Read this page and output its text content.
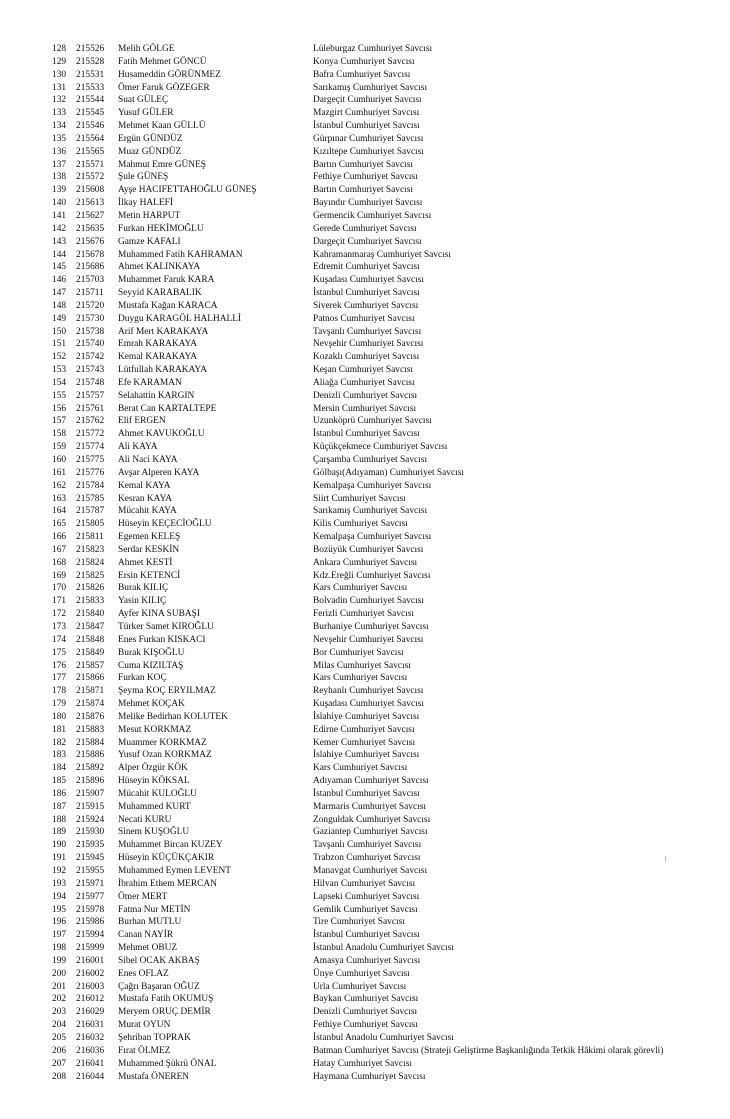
128	215526	Melih GÖLGE	Lüleburgaz Cumhuriyet Savcısı
129	215528	Fatih Mehmet GÖNCÜ	Konya Cumhuriyet Savcısı
130	215531	Husameddin GÖRÜNMEZ	Bafra Cumhuriyet Savcısı
131	215533	Ömer Faruk GÖZEGER	Sarıkamış Cumhuriyet Savcısı
132	215544	Suat GÜLEÇ	Dargeçit Cumhuriyet Savcısı
133	215545	Yusuf GÜLER	Mazgirt Cumhuriyet Savcısı
134	215546	Mehmet Kaan GÜLLÜ	İstanbul Cumhuriyet Savcısı
135	215564	Ergün GÜNDÜZ	Gürpınar Cumhuriyet Savcısı
136	215565	Muaz GÜNDÜZ	Kızıltepe Cumhuriyet Savcısı
137	215571	Mahmut Emre GÜNEŞ	Bartın Cumhuriyet Savcısı
138	215572	Şule GÜNEŞ	Fethiye Cumhuriyet Savcısı
139	215608	Ayşe HACIFETTAHOĞLU GÜNEŞ	Bartın Cumhuriyet Savcısı
140	215613	İlkay HALEFİ	Bayındır Cumhuriyet Savcısı
141	215627	Metin HARPUT	Germencik Cumhuriyet Savcısı
142	215635	Furkan HEKİMOĞLU	Gerede Cumhuriyet Savcısı
143	215676	Gamze KAFALI	Dargeçit Cumhuriyet Savcısı
144	215678	Muhammed Fatih KAHRAMAN	Kahramanmaraş Cumhuriyet Savcısı
145	215686	Ahmet KALINKAYA	Edremit Cumhuriyet Savcısı
146	215703	Muhammet Faruk KARA	Kuşadası Cumhuriyet Savcısı
147	215711	Seyyid KARABALIK	İstanbul Cumhuriyet Savcısı
148	215720	Mustafa Kağan KARACA	Siverek Cumhuriyet Savcısı
149	215730	Duygu KARAGÖL HALHALLİ	Patnos Cumhuriyet Savcısı
150	215738	Arif Mert KARAKAYA	Tavşanlı Cumhuriyet Savcısı
151	215740	Emrah KARAKAYA	Nevşehir Cumhuriyet Savcısı
152	215742	Kemal KARAKAYA	Kozaklı Cumhuriyet Savcısı
153	215743	Lütfullah KARAKAYA	Keşan Cumhuriyet Savcısı
154	215748	Efe KARAMAN	Aliağa Cumhuriyet Savcısı
155	215757	Selahattin KARGIN	Denizli Cumhuriyet Savcısı
156	215761	Berat Can KARTALTEPE	Mersin Cumhuriyet Savcısı
157	215762	Elif ERGEN	Uzunköprü Cumhuriyet Savcısı
158	215772	Ahmet KAVUKOĞLU	İstanbul Cumhuriyet Savcısı
159	215774	Ali KAYA	Küçükçekmece Cumhuriyet Savcısı
160	215775	Ali Naci KAYA	Çarşamba Cumhuriyet Savcısı
161	215776	Avşar Alperen KAYA	Gölbaşı(Adıyaman) Cumhuriyet Savcısı
162	215784	Kemal KAYA	Kemalpaşa Cumhuriyet Savcısı
163	215785	Kesran KAYA	Siirt Cumhuriyet Savcısı
164	215787	Mücahit KAYA	Sarıkamış Cumhuriyet Savcısı
165	215805	Hüseyin KEÇECİOĞLU	Kilis Cumhuriyet Savcısı
166	215811	Egemen KELEŞ	Kemalpaşa Cumhuriyet Savcısı
167	215823	Serdar KESKİN	Bozüyük Cumhuriyet Savcısı
168	215824	Ahmet KESTİ	Ankara Cumhuriyet Savcısı
169	215825	Ersin KETENCİ	Kdz.Ereğli Cumhuriyet Savcısı
170	215826	Burak KILIÇ	Kars Cumhuriyet Savcısı
171	215833	Yasin KILIÇ	Bolvadin Cumhuriyet Savcısı
172	215840	Ayfer KINA SUBAŞI	Ferizli Cumhuriyet Savcısı
173	215847	Türker Samet KIROĞLU	Burhaniye Cumhuriyet Savcısı
174	215848	Enes Furkan KISKACI	Nevşehir Cumhuriyet Savcısı
175	215849	Burak KIŞOĞLU	Bor Cumhuriyet Savcısı
176	215857	Cuma KIZILTAŞ	Milas Cumhuriyet Savcısı
177	215866	Furkan KOÇ	Kars Cumhuriyet Savcısı
178	215871	Şeyma KOÇ ERYILMAZ	Reyhanlı Cumhuriyet Savcısı
179	215874	Mehmet KOÇAK	Kuşadası Cumhuriyet Savcısı
180	215876	Melike Bedirhan KOLUTEK	İslahiye Cumhuriyet Savcısı
181	215883	Mesut KORKMAZ	Edirne Cumhuriyet Savcısı
182	215884	Muammer KORKMAZ	Kemer Cumhuriyet Savcısı
183	215886	Yusuf Ozan KORKMAZ	İslahiye Cumhuriyet Savcısı
184	215892	Alper Özgür KÖK	Kars Cumhuriyet Savcısı
185	215896	Hüseyin KÖKSAL	Adıyaman Cumhuriyet Savcısı
186	215907	Mücahit KULOĞLU	İstanbul Cumhuriyet Savcısı
187	215915	Muhammed KURT	Marmaris Cumhuriyet Savcısı
188	215924	Necati KURU	Zonguldak Cumhuriyet Savcısı
189	215930	Sinem KUŞOĞLU	Gaziantep Cumhuriyet Savcısı
190	215935	Muhammet Bircan KUZEY	Tavşanlı Cumhuriyet Savcısı
191	215945	Hüseyin KÜÇÜKÇAKIR	Trabzon Cumhuriyet Savcısı
192	215955	Muhammed Eymen LEVENT	Manavgat Cumhuriyet Savcısı
193	215971	İbrahim Ethem MERCAN	Hilvan Cumhuriyet Savcısı
194	215977	Ömer MERT	Lapseki Cumhuriyet Savcısı
195	215978	Fatma Nur METİN	Gemlik Cumhuriyet Savcısı
196	215986	Burhan MUTLU	Tire Cumhuriyet Savcısı
197	215994	Canan NAYİR	İstanbul Cumhuriyet Savcısı
198	215999	Mehmet OBUZ	İstanbul Anadolu Cumhuriyet Savcısı
199	216001	Sibel OCAK AKBAŞ	Amasya Cumhuriyet Savcısı
200	216002	Enes OFLAZ	Ünye Cumhuriyet Savcısı
201	216003	Çağrı Başaran OĞUZ	Urla Cumhuriyet Savcısı
202	216012	Mustafa Fatih OKUMUŞ	Baykan Cumhuriyet Savcısı
203	216029	Meryem ORUÇ DEMİR	Denizli Cumhuriyet Savcısı
204	216031	Murat OYUN	Fethiye Cumhuriyet Savcısı
205	216032	Şehriban TOPRAK	İstanbul Anadolu Cumhuriyet Savcısı
206	216036	Fırat ÖLMEZ	Batman Cumhuriyet Savcısı (Strateji Geliştirme Başkanlığında Tetkik Hâkimi olarak görevli)
207	216041	Muhammed Şükrü ÖNAL	Hatay Cumhuriyet Savcısı
208	216044	Mustafa ÖNEREN	Haymana Cumhuriyet Savcısı
